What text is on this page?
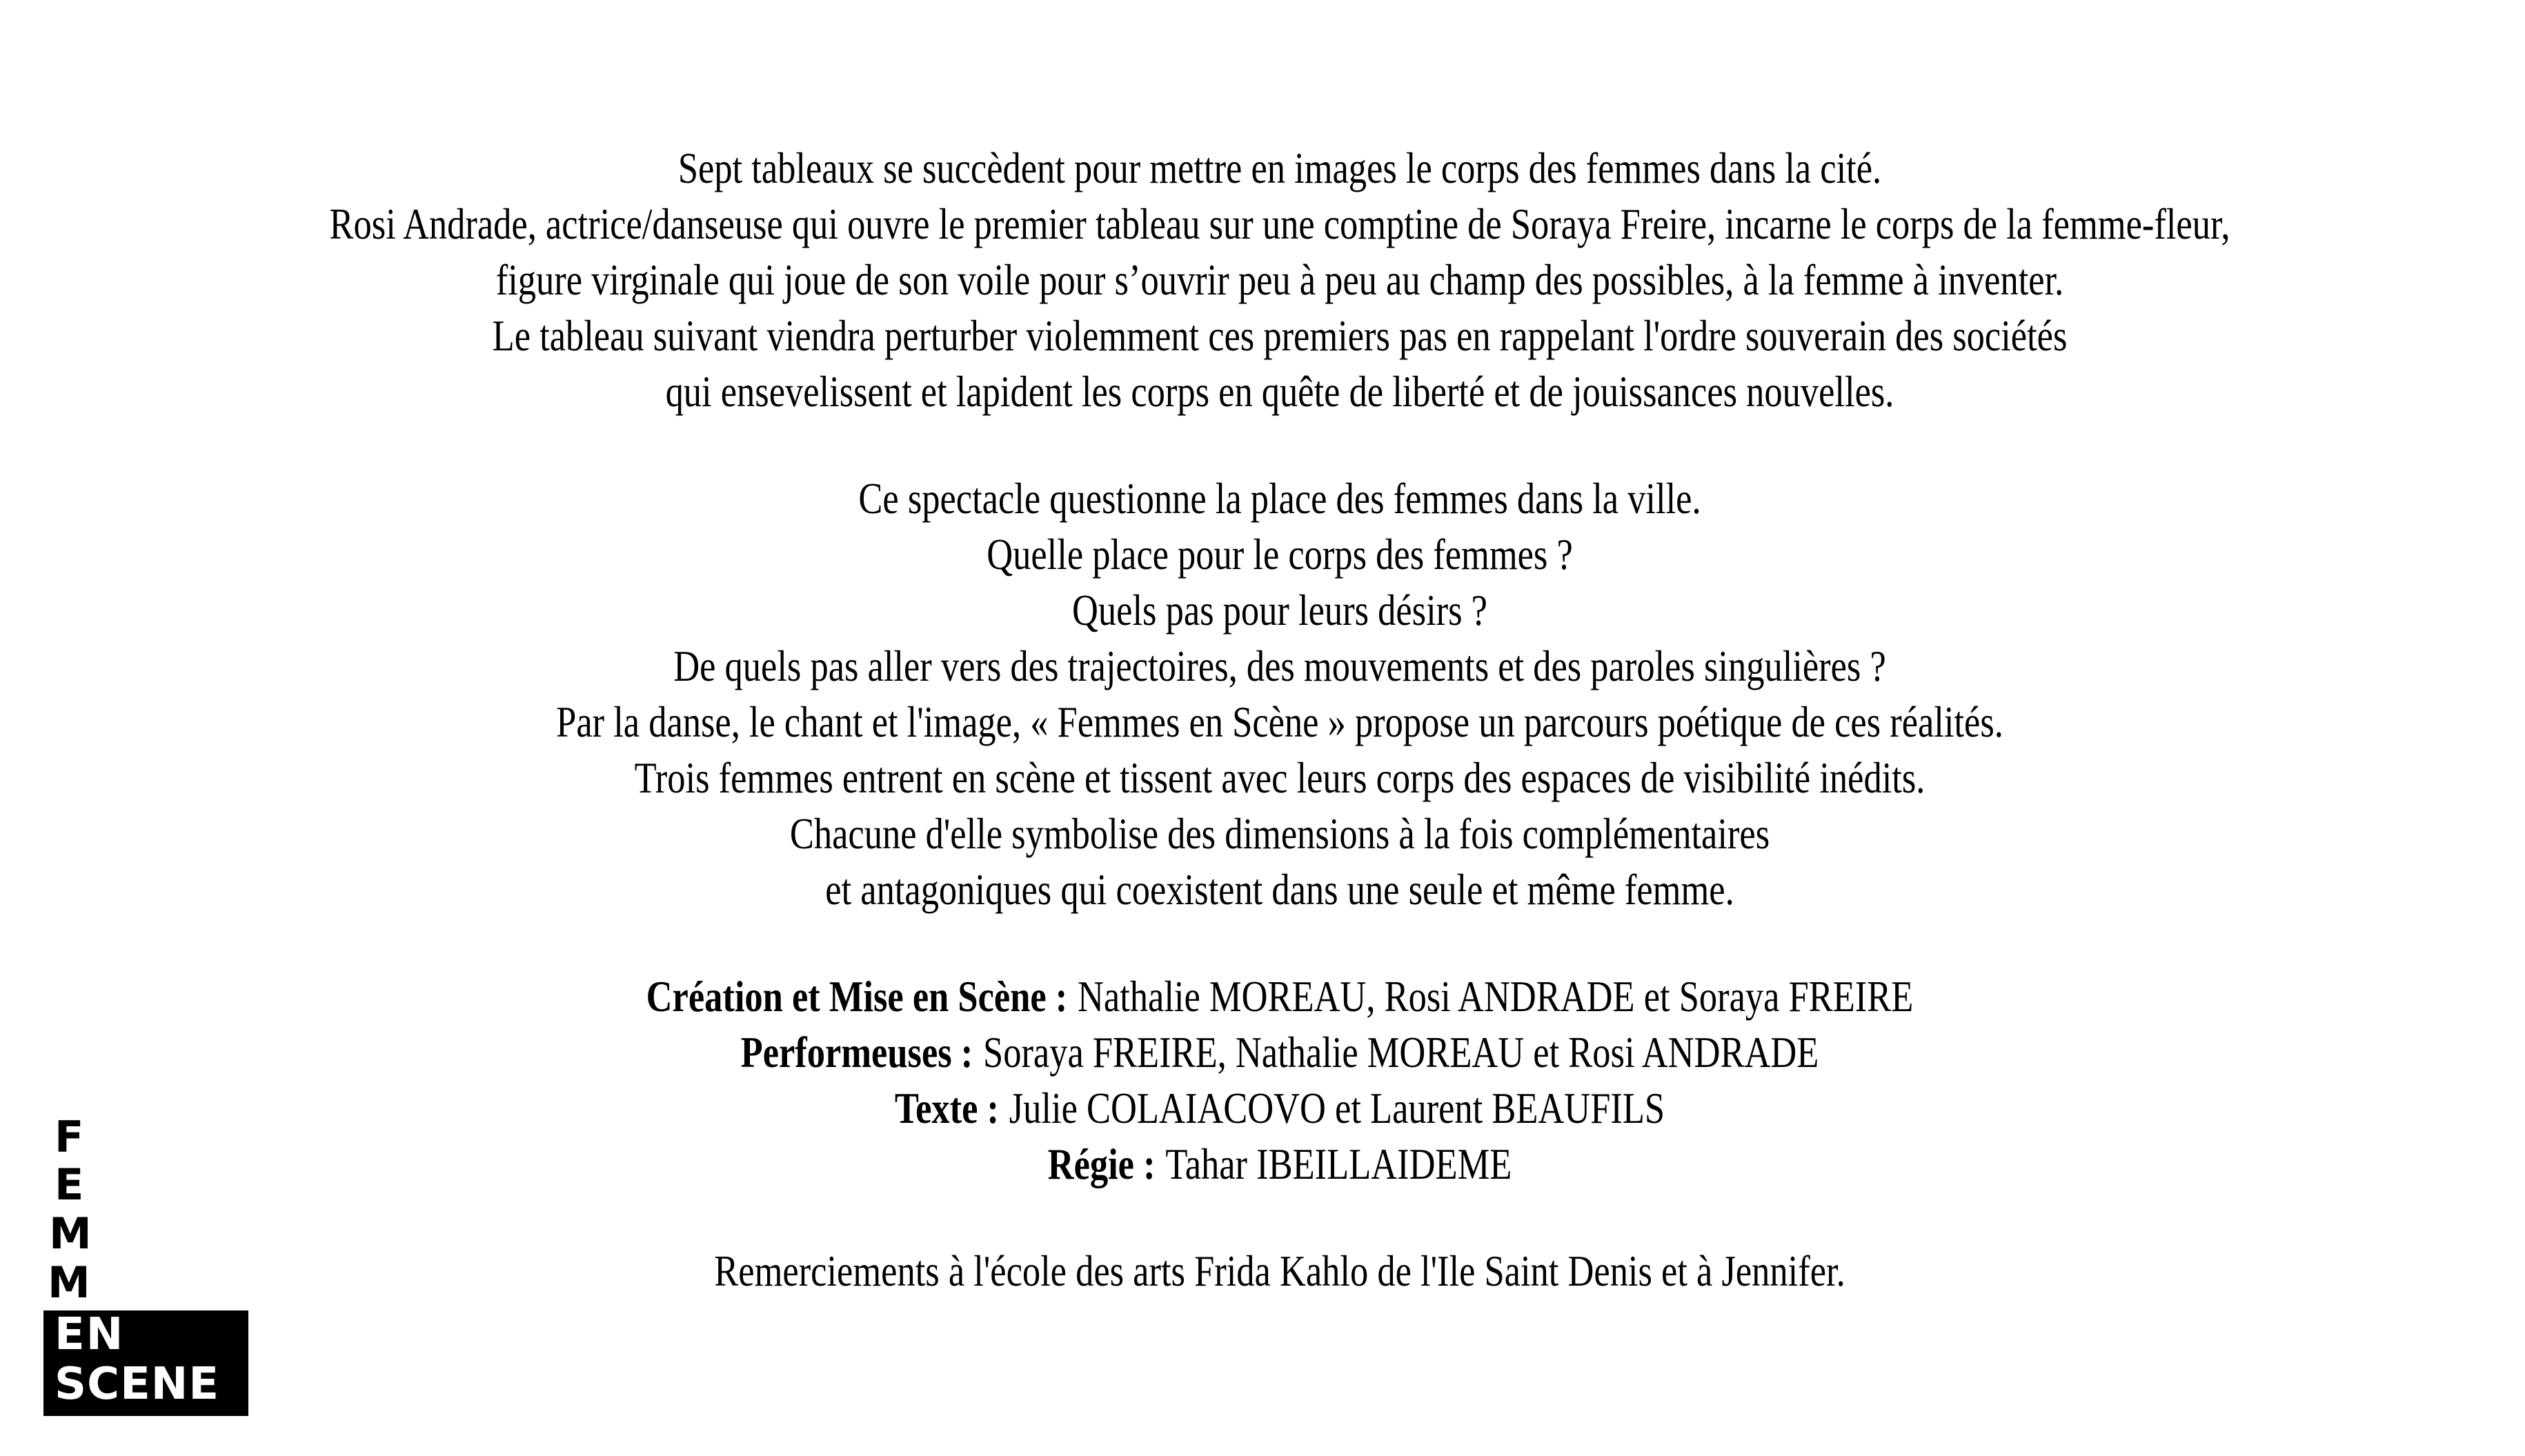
Sept tableaux se succèdent pour mettre en images le corps des femmes dans la cité.

Rosi Andrade, actrice/danseuse qui ouvre le premier tableau sur une comptine de Soraya Freire, incarne le corps de la femme-fleur,

figure virginale qui joue de son voile pour s’ouvrir peu à peu au champ des possibles, à la femme à inventer.

Le tableau suivant viendra perturber violemment ces premiers pas en rappelant l'ordre souverain des sociétés

qui ensevelissent et lapident les corps en quête de liberté et de jouissances nouvelles.

Ce spectacle questionne la place des femmes dans la ville.

Quelle place pour le corps des femmes ?

Quels pas pour leurs désirs ?

De quels pas aller vers des trajectoires, des mouvements et des paroles singulières ?

Par la danse, le chant et l'image, « Femmes en Scène » propose un parcours poétique de ces réalités.

Trois femmes entrent en scène et tissent avec leurs corps des espaces de visibilité inédits.

Chacune d'elle symbolise des dimensions à la fois complémentaires

et antagoniques qui coexistent dans une seule et même femme.

Création et Mise en Scène : Nathalie MOREAU, Rosi ANDRADE et Soraya FREIRE

Performeuses : Soraya FREIRE, Nathalie MOREAU et Rosi ANDRADE

Texte : Julie COLAIACOVO et Laurent BEAUFILS

Régie : Tahar IBEILLAIDEME

Remerciements à l'école des arts Frida Kahlo de l'Ile Saint Denis et à Jennifer.

F
E
M
M
EN
SCENE
